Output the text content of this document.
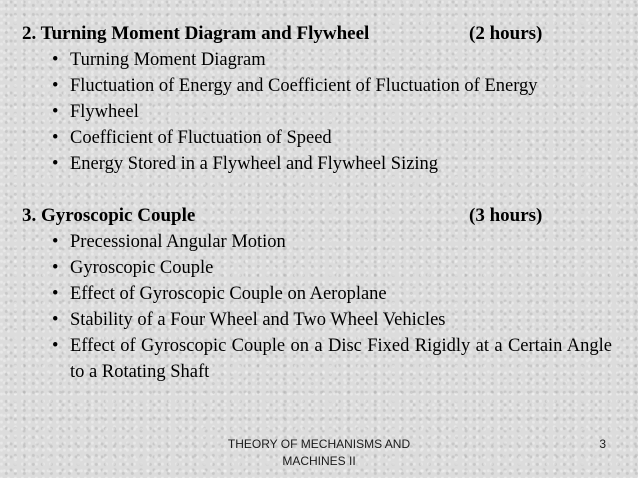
2. Turning Moment Diagram and Flywheel	(2 hours)
• Turning Moment Diagram
• Fluctuation of Energy and Coefficient of Fluctuation of Energy
• Flywheel
• Coefficient of Fluctuation of Speed
• Energy Stored in a Flywheel and Flywheel Sizing
3. Gyroscopic Couple	(3 hours)
• Precessional Angular Motion
• Gyroscopic Couple
• Effect of Gyroscopic Couple on Aeroplane
• Stability of a Four Wheel and Two Wheel Vehicles
• Effect of Gyroscopic Couple on a Disc Fixed Rigidly at a Certain Angle to a Rotating Shaft
THEORY OF MECHANISMS AND MACHINES II
3
